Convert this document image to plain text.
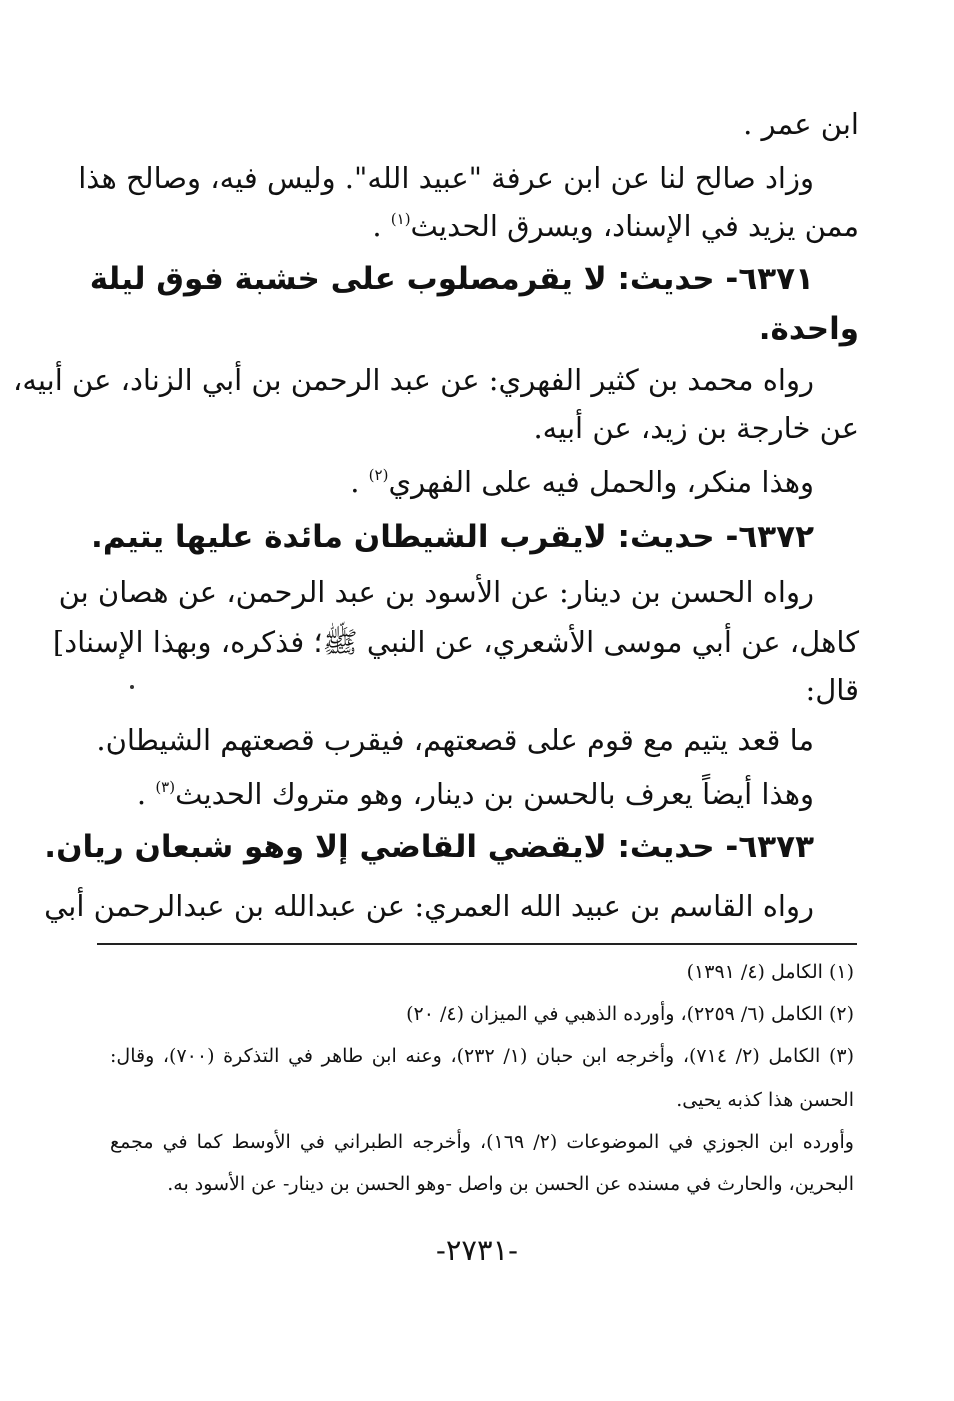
ابن عمر .
وزاد صالح لنا عن ابن عرفة "عبيد الله". وليس فيه، وصالح هذا
ممن يزيد في الإسناد، ويسرق الحديث$^{(١)}$ .
٦٣٧١- حديث: لا يقرمصلوب على خشبة فوق ليلة
واحدة.
رواه محمد بن كثير الفهري: عن عبد الرحمن بن أبي الزناد، عن أبيه،
عن خارجة بن زيد، عن أبيه.
وهذا منكر، والحمل فيه على الفهري$^{(٢)}$ .
٦٣٧٢- حديث: لايقرب الشيطان مائدة عليها يتيم.
رواه الحسن بن دينار: عن الأسود بن عبد الرحمن، عن هصان بن
كاهل، عن أبي موسى الأشعري، عن النبي ﷺ؛ فذكره، وبهذا الإسناد]
قال:
ما قعد يتيم مع قوم على قصعتهم، فيقرب قصعتهم الشيطان.
وهذا أيضاً يعرف بالحسن بن دينار، وهو متروك الحديث$^{(٣)}$ .
٦٣٧٣- حديث: لايقضي القاضي إلا وهو شبعان ريان.
رواه القاسم بن عبيد الله العمري: عن عبدالله بن عبدالرحمن أبي
(١) الكامل (٤/ ١٣٩١)
(٢) الكامل (٦/ ٢٢٥٩)، وأورده الذهبي في الميزان (٤/ ٢٠)
(٣) الكامل (٢/ ٧١٤)، وأخرجه ابن حبان (١/ ٢٣٢)، وعنه ابن طاهر في التذكرة (٧٠٠)، وقال:
الحسن هذا كذبه يحيى.
وأورده ابن الجوزي في الموضوعات (٢/ ١٦٩)، وأخرجه الطبراني في الأوسط كما في مجمع
البحرين، والحارث في مسنده عن الحسن بن واصل -وهو الحسن بن دينار- عن الأسود به.
-٢٧٣١-
